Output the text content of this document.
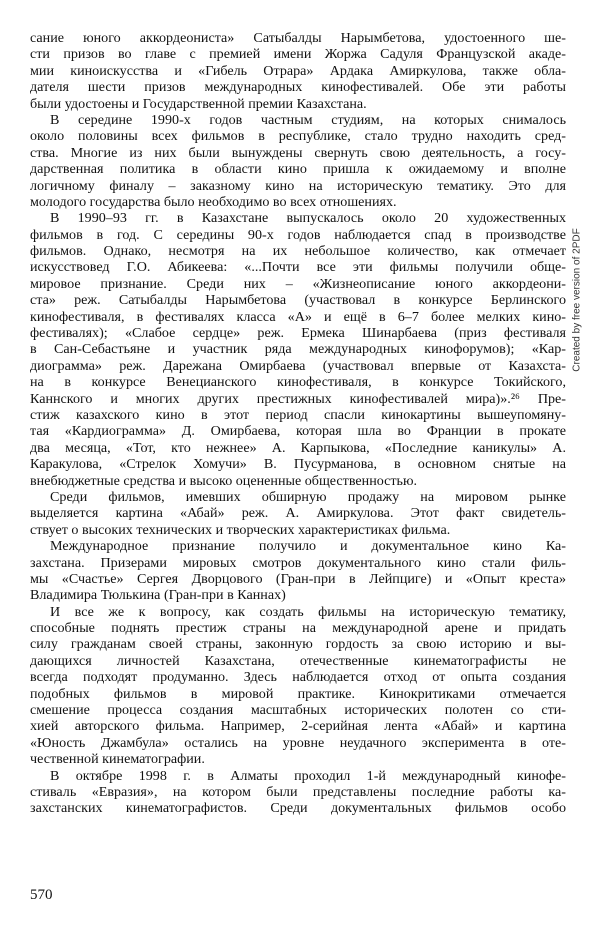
сание юного аккордеониста» Сатыбалды Нарымбетова, удостоенного ше-
сти призов во главе с премией имени Жоржа Садуля Французской акаде-
мии киноискусства и «Гибель Отрара» Ардака Амиркулова, также обла-
дателя шести призов международных кинофестивалей. Обе эти работы
были удостоены и Государственной премии Казахстана.
В середине 1990-х годов частным студиям, на которых снималось
около половины всех фильмов в республике, стало трудно находить сред-
ства. Многие из них были вынуждены свернуть свою деятельность, а госу-
дарственная политика в области кино пришла к ожидаемому и вполне
логичному финалу – заказному кино на историческую тематику. Это для
молодого государства было необходимо во всех отношениях.
В 1990–93 гг. в Казахстане выпускалось около 20 художественных
фильмов в год. С середины 90-х годов наблюдается спад в производстве
фильмов. Однако, несмотря на их небольшое количество, как отмечает
искусствовед Г.О. Абикеева: «...Почти все эти фильмы получили обще-
мировое признание. Среди них – «Жизнеописание юного аккордеони-
ста» реж. Сатыбалды Нарымбетова (участвовал в конкурсе Берлинского
кинофестиваля, в фестивалях класса «А» и ещё в 6–7 более мелких кино-
фестивалях); «Слабое сердце» реж. Ермека Шинарбаева (приз фестиваля
в Сан-Себастьяне и участник ряда международных кинофорумов); «Кар-
диограмма» реж. Дарежана Омирбаева (участвовал впервые от Казахста-
на в конкурсе Венецианского кинофестиваля, в конкурсе Токийского,
Каннского и многих других престижных кинофестивалей мира)».²⁶ Пре-
стиж казахского кино в этот период спасли кинокартины вышеупомяну-
тая «Кардиограмма» Д. Омирбаева, которая шла во Франции в прокате
два месяца, «Тот, кто нежнее» А. Карпыкова, «Последние каникулы» А.
Каракулова, «Стрелок Хомучи» В. Пусурманова, в основном снятые на
внебюджетные средства и высоко оцененные общественностью.
Среди фильмов, имевших обширную продажу на мировом рынке
выделяется картина «Абай» реж. А. Амиркулова. Этот факт свидетель-
ствует о высоких технических и творческих характеристиках фильма.
Международное признание получило и документальное кино Ка-
захстана. Призерами мировых смотров документального кино стали филь-
мы «Счастье» Сергея Дворцового (Гран-при в Лейпциге) и «Опыт креста»
Владимира Тюлькина (Гран-при в Каннах)
И все же к вопросу, как создать фильмы на историческую тематику,
способные поднять престиж страны на международной арене и придать
силу гражданам своей страны, законную гордость за свою историю и вы-
дающихся личностей Казахстана, отечественные кинематографисты не
всегда подходят продуманно. Здесь наблюдается отход от опыта создания
подобных фильмов в мировой практике. Кинокритиками отмечается
смешение процесса создания масштабных исторических полотен со сти-
хией авторского фильма. Например, 2-серийная лента «Абай» и картина
«Юность Джамбула» остались на уровне неудачного эксперимента в оте-
чественной кинематографии.
В октябре 1998 г. в Алматы проходил 1-й международный кинофе-
стиваль «Евразия», на котором были представлены последние работы ка-
захстанских кинематографистов. Среди документальных фильмов особо
570
Created by free version of 2PDF
